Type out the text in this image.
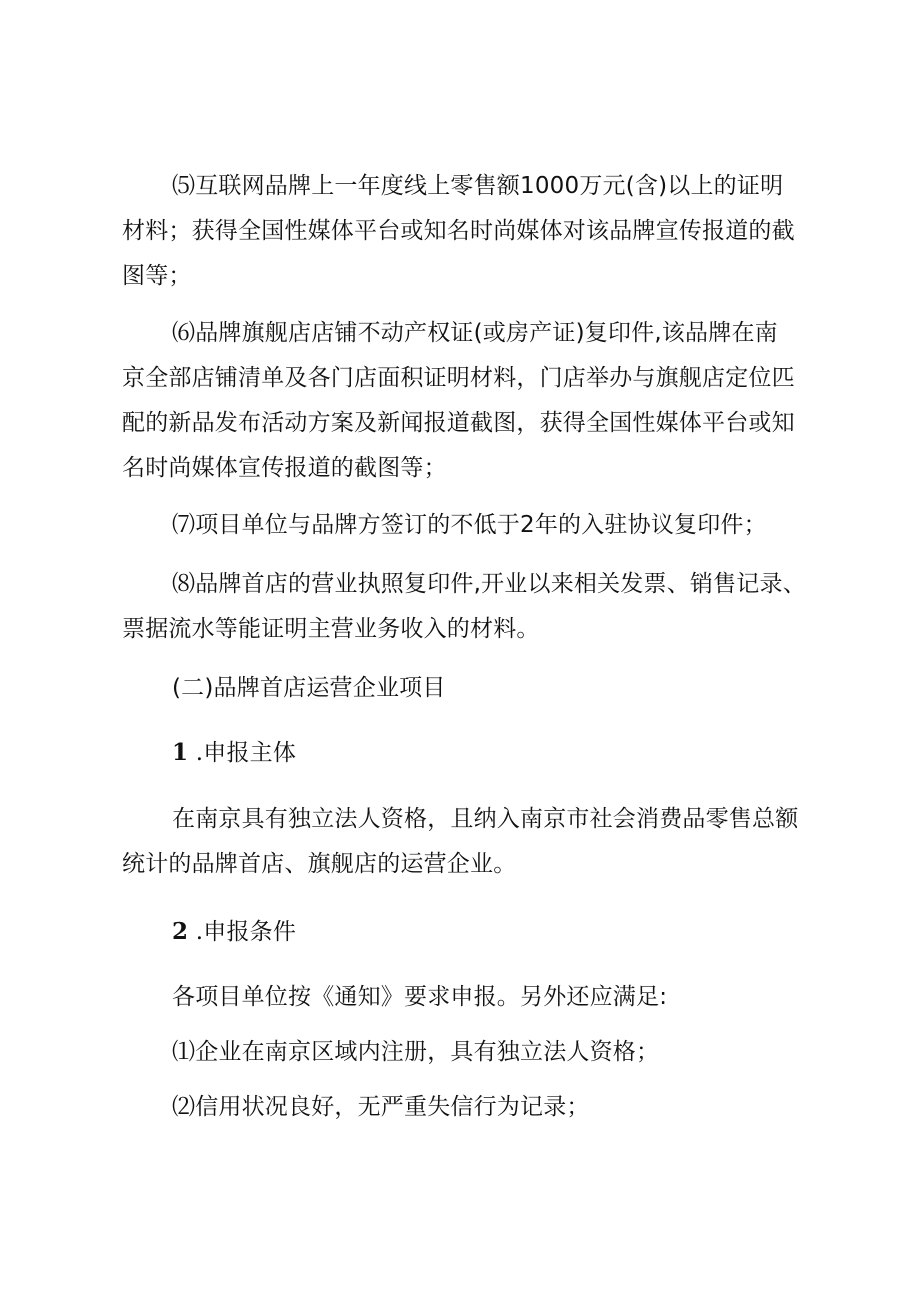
⑸互联网品牌上一年度线上零售额1000万元(含)以上的证明
材料；获得全国性媒体平台或知名时尚媒体对该品牌宣传报道的截
图等；
⑹品牌旗舰店店铺不动产权证(或房产证)复印件,该品牌在南
京全部店铺清单及各门店面积证明材料，门店举办与旗舰店定位匹
配的新品发布活动方案及新闻报道截图，获得全国性媒体平台或知
名时尚媒体宣传报道的截图等；
⑺项目单位与品牌方签订的不低于2年的入驻协议复印件；
⑻品牌首店的营业执照复印件,开业以来相关发票、销售记录、
票据流水等能证明主营业务收入的材料。
(二)品牌首店运营企业项目
1 .申报主体
在南京具有独立法人资格，且纳入南京市社会消费品零售总额
统计的品牌首店、旗舰店的运营企业。
2 .申报条件
各项目单位按《通知》要求申报。另外还应满足:
⑴企业在南京区域内注册，具有独立法人资格；
⑵信用状况良好，无严重失信行为记录；
